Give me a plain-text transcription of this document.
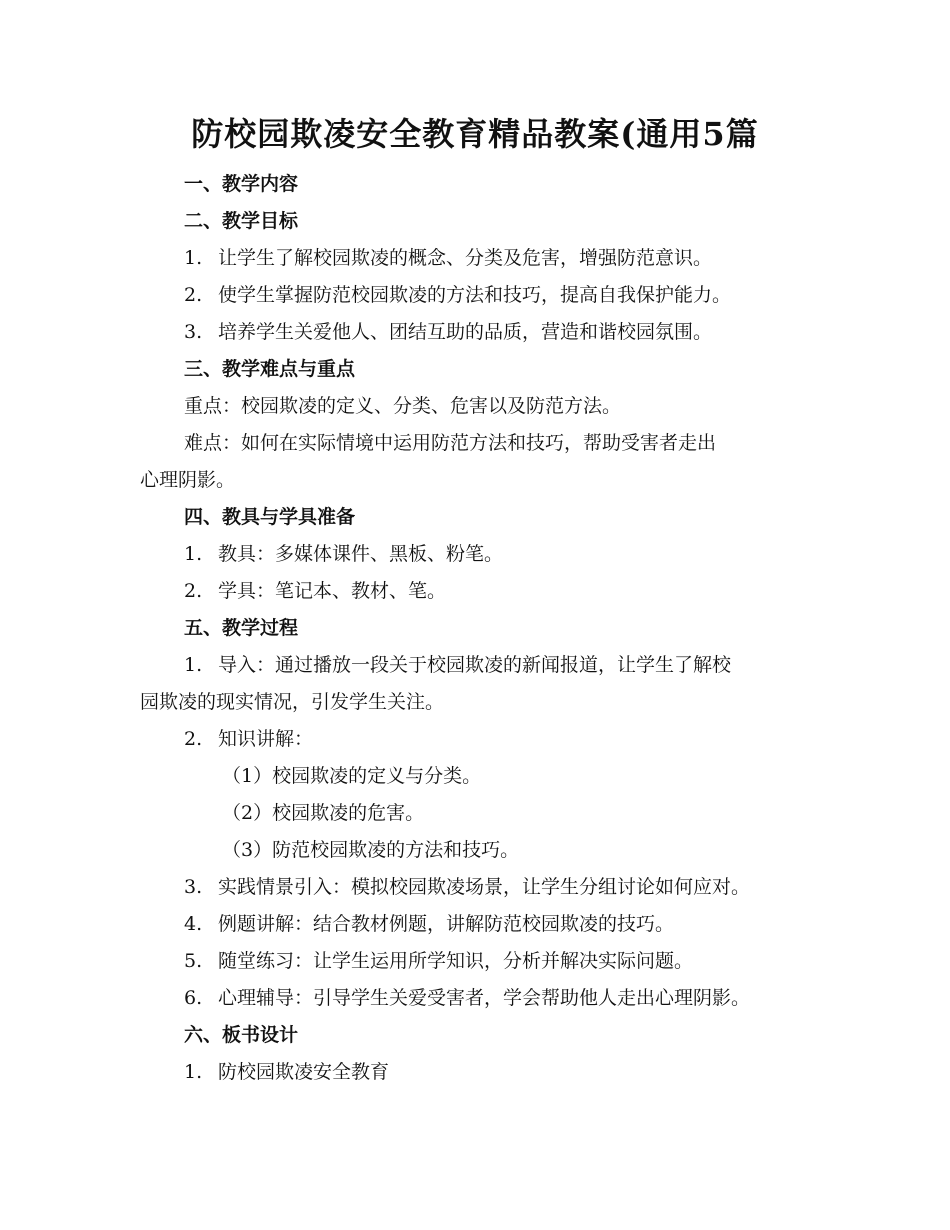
防校园欺凌安全教育精品教案(通用5篇

一、教学内容

二、教学目标

1. 让学生了解校园欺凌的概念、分类及危害，增强防范意识。

2. 使学生掌握防范校园欺凌的方法和技巧，提高自我保护能力。

3. 培养学生关爱他人、团结互助的品质，营造和谐校园氛围。

三、教学难点与重点

重点：校园欺凌的定义、分类、危害以及防范方法。

难点：如何在实际情境中运用防范方法和技巧，帮助受害者走出

心理阴影。

四、教具与学具准备

1. 教具：多媒体课件、黑板、粉笔。

2. 学具：笔记本、教材、笔。

五、教学过程

1. 导入：通过播放一段关于校园欺凌的新闻报道，让学生了解校

园欺凌的现实情况，引发学生关注。

2. 知识讲解：

（1）校园欺凌的定义与分类。

（2）校园欺凌的危害。

（3）防范校园欺凌的方法和技巧。

3. 实践情景引入：模拟校园欺凌场景，让学生分组讨论如何应对。

4. 例题讲解：结合教材例题，讲解防范校园欺凌的技巧。

5. 随堂练习：让学生运用所学知识，分析并解决实际问题。

6. 心理辅导：引导学生关爱受害者，学会帮助他人走出心理阴影。

六、板书设计

1. 防校园欺凌安全教育
